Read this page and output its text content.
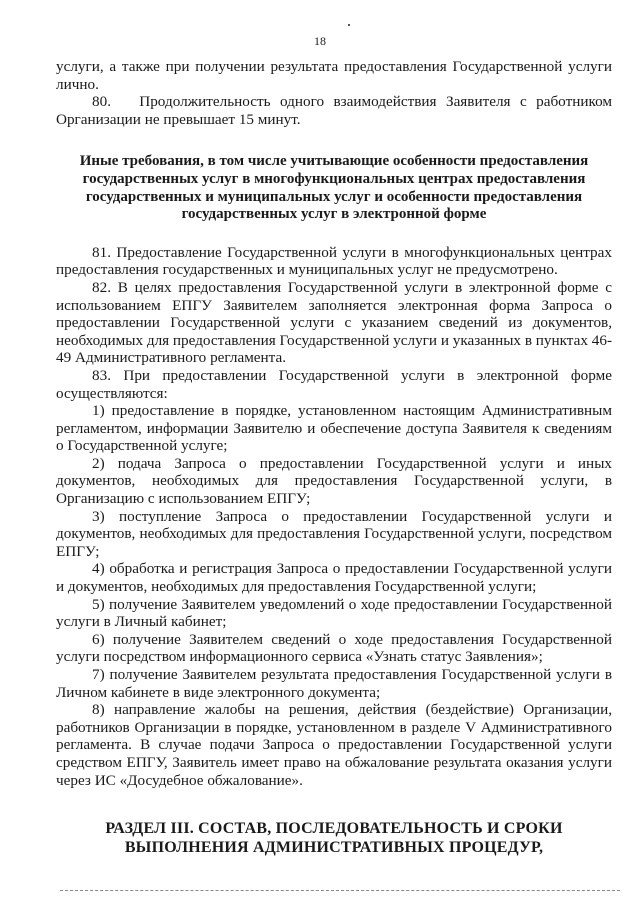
18

услуги, а также при получении результата предоставления Государственной услуги лично.

80.   Продолжительность одного взаимодействия Заявителя с работником Организации не превышает 15 минут.

Иные требования, в том числе учитывающие особенности предоставления государственных услуг в многофункциональных центрах предоставления государственных и муниципальных услуг и особенности предоставления государственных услуг в электронной форме

81. Предоставление Государственной услуги в многофункциональных центрах предоставления государственных и муниципальных услуг не предусмотрено.

82. В целях предоставления Государственной услуги в электронной форме с использованием ЕПГУ Заявителем заполняется электронная форма Запроса о предоставлении Государственной услуги с указанием сведений из документов, необходимых для предоставления Государственной услуги и указанных в пунктах 46-49 Административного регламента.

83. При предоставлении Государственной услуги в электронной форме осуществляются:

1) предоставление в порядке, установленном настоящим Административным регламентом, информации Заявителю и обеспечение доступа Заявителя к сведениям о Государственной услуге;

2) подача Запроса о предоставлении Государственной услуги и иных документов, необходимых для предоставления Государственной услуги, в Организацию с использованием ЕПГУ;

3) поступление Запроса о предоставлении Государственной услуги и документов, необходимых для предоставления Государственной услуги, посредством ЕПГУ;

4) обработка и регистрация Запроса о предоставлении Государственной услуги и документов, необходимых для предоставления Государственной услуги;

5) получение Заявителем уведомлений о ходе предоставлении Государственной услуги в Личный кабинет;

6) получение Заявителем сведений о ходе предоставления Государственной услуги посредством информационного сервиса «Узнать статус Заявления»;

7) получение Заявителем результата предоставления Государственной услуги в Личном кабинете в виде электронного документа;

8) направление жалобы на решения, действия (бездействие) Организации, работников Организации в порядке, установленном в разделе V Административного регламента. В случае подачи Запроса о предоставлении Государственной услуги средством ЕПГУ, Заявитель имеет право на обжалование результата оказания услуги через ИС «Досудебное обжалование».

РАЗДЕЛ III. СОСТАВ, ПОСЛЕДОВАТЕЛЬНОСТЬ И СРОКИ

ВЫПОЛНЕНИЯ АДМИНИСТРАТИВНЫХ ПРОЦЕДУР,
